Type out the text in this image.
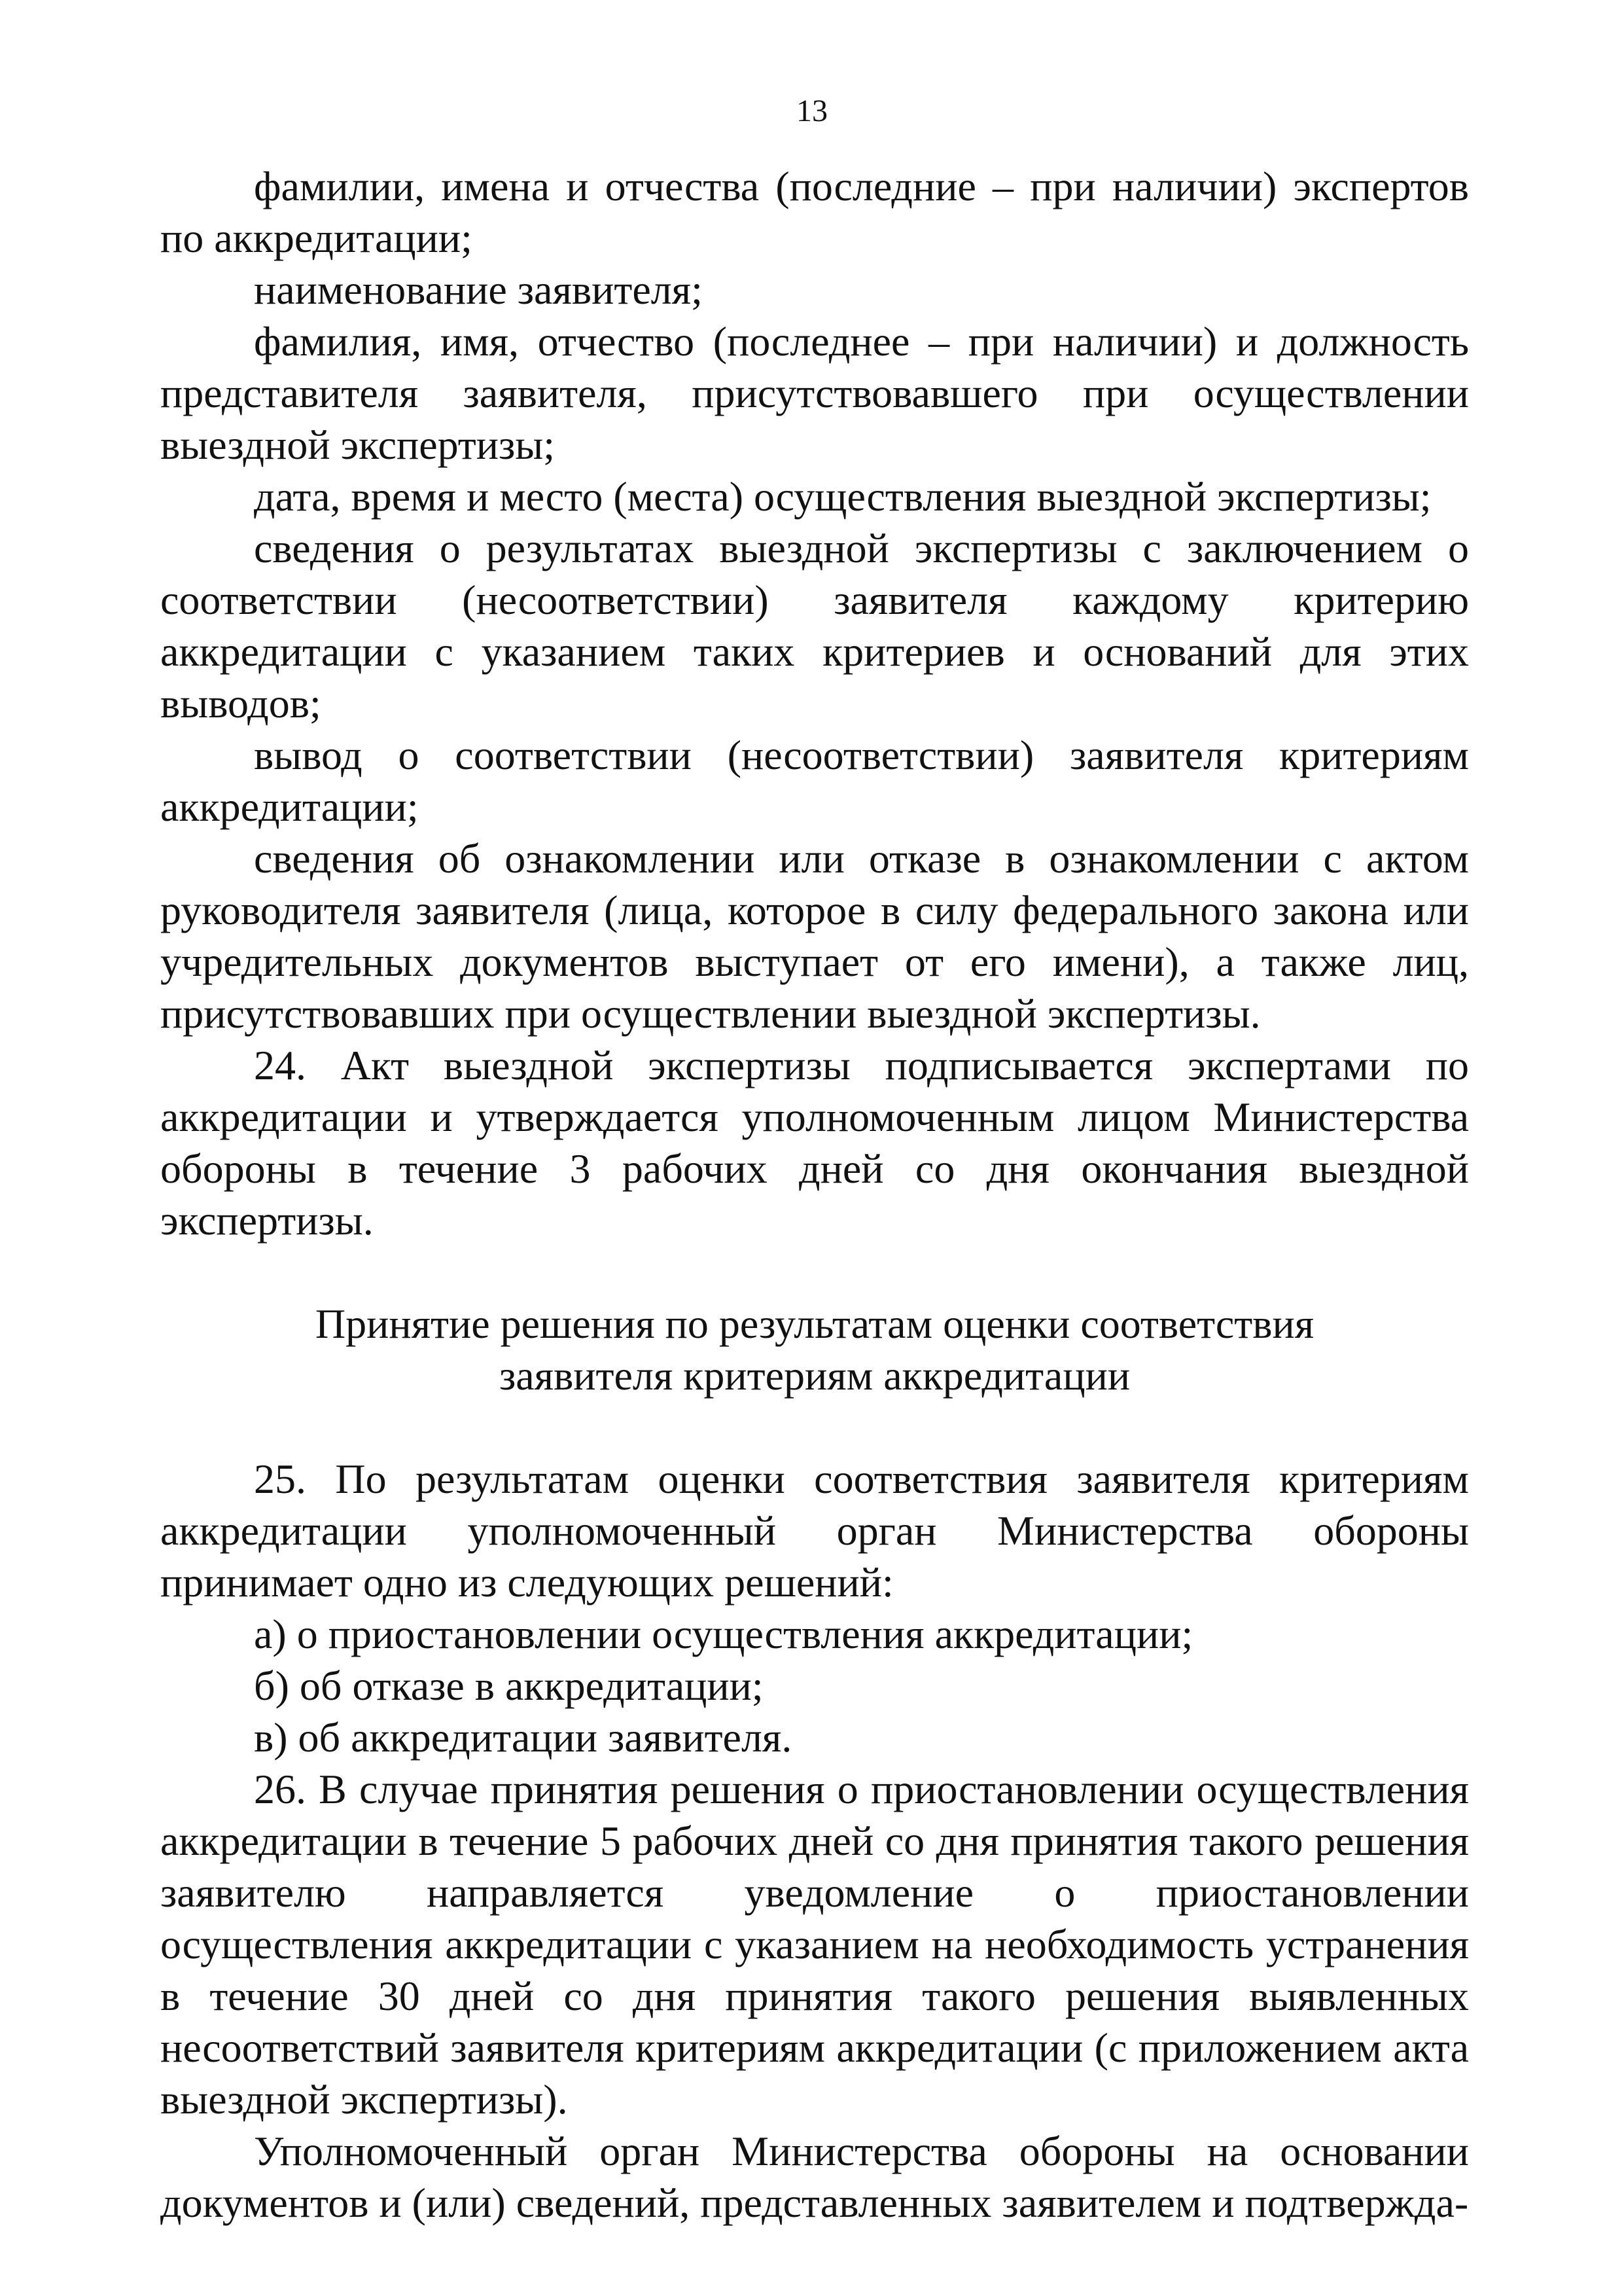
13

фамилии, имена и отчества (последние – при наличии) экспертов по аккредитации;

наименование заявителя;

фамилия, имя, отчество (последнее – при наличии) и должность представителя заявителя, присутствовавшего при осуществлении выездной экспертизы;

дата, время и место (места) осуществления выездной экспертизы;

сведения о результатах выездной экспертизы с заключением о соответствии (несоответствии) заявителя каждому критерию аккредитации с указанием таких критериев и оснований для этих выводов;

вывод о соответствии (несоответствии) заявителя критериям аккредитации;

сведения об ознакомлении или отказе в ознакомлении с актом руководителя заявителя (лица, которое в силу федерального закона или учредительных документов выступает от его имени), а также лиц, присутствовавших при осуществлении выездной экспертизы.

24. Акт выездной экспертизы подписывается экспертами по аккредитации и утверждается уполномоченным лицом Министерства обороны в течение 3 рабочих дней со дня окончания выездной экспертизы.

Принятие решения по результатам оценки соответствия
заявителя критериям аккредитации

25. По результатам оценки соответствия заявителя критериям аккредитации уполномоченный орган Министерства обороны принимает одно из следующих решений:

а) о приостановлении осуществления аккредитации;

б) об отказе в аккредитации;

в) об аккредитации заявителя.

26. В случае принятия решения о приостановлении осуществления аккредитации в течение 5 рабочих дней со дня принятия такого решения заявителю направляется уведомление о приостановлении осуществления аккредитации с указанием на необходимость устранения в течение 30 дней со дня принятия такого решения выявленных несоответствий заявителя критериям аккредитации (с приложением акта выездной экспертизы).

Уполномоченный орган Министерства обороны на основании документов и (или) сведений, представленных заявителем и подтвержда-
